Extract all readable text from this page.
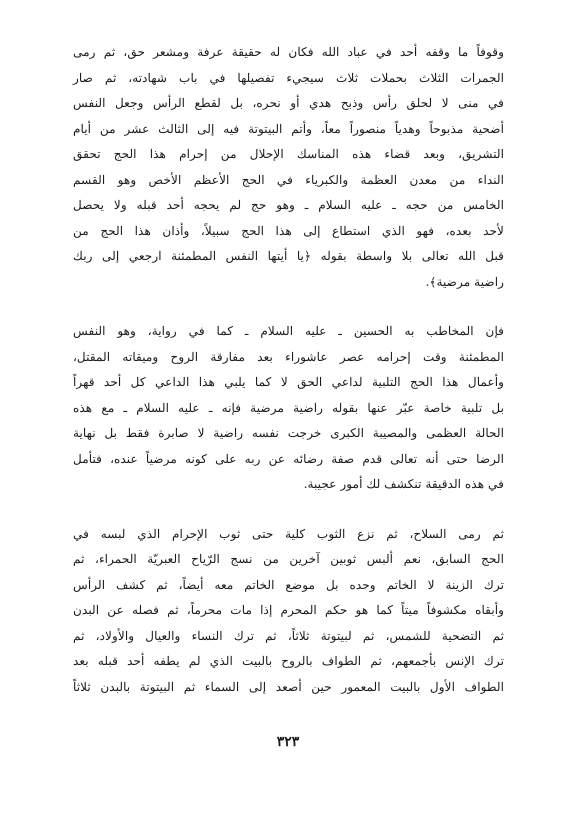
وقوفاً ما وقفه أحد في عباد الله فكان له حقيقة عرفة ومشعر حق، ثم رمى
الجمرات الثلاث بحملات ثلاث سيجيء تفصيلها في باب شهادته، ثم صار
في منى لا لحلق رأس وذبح هدي أو نحره، بل لقطع الرأس وجعل النفس
أضحية مذبوحاً وهدياً منصوراً معاً، وأتم البيتوتة فيه إلى الثالث عشر من أيام
التشريق، وبعد قضاء هذه المناسك الإحلال من إحرام هذا الحج تحقق
النداء من معدن العظمة والكبرياء في الحج الأعظم الأخص وهو القسم
الخامس من حجه ـ عليه السلام ـ وهو حج لم يحجه أحد قبله ولا يحصل
لأحد بعده، فهو الذي استطاع إلى هذا الحج سبيلاً، وأذان هذا الحج من
قبل الله تعالى بلا واسطة بقوله ﴿يا أيتها النفس المطمئنة ارجعي إلى ربك
راضية مرضية﴾.
فإن المخاطب به الحسين ـ عليه السلام ـ كما في رواية، وهو النفس
المطمئنة وقت إحرامه عصر عاشوراء بعد مفارقة الروح وميقاته المقتل،
وأعمال هذا الحج التلبية لداعي الحق لا كما يلبي هذا الداعي كل أحد قهراً
بل تلبية خاصة عبّر عنها بقوله راضية مرضية فإنه ـ عليه السلام ـ مع هذه
الحالة العظمى والمصيبة الكبرى خرجت نفسه راضية لا صابرة فقط بل نهاية
الرضا حتى أنه تعالى قدم صفة رضائه عن ربه على كونه مرضياً عنده، فتأمل
في هذه الدقيقة تنكشف لك أمور عجيبة.
ثم رمى السلاح، ثم نزع الثوب كلية حتى ثوب الإحرام الذي لبسه في
الحج السابق، نعم ألبس ثوبين آخرين من نسج الرّياح العبريّة الحمراء، ثم
ترك الزينة لا الخاتم وحده بل موضع الخاتم معه أيضاً، ثم كشف الرأس
وأبقاه مكشوفاً ميتاً كما هو حكم المحرم إذا مات محرماً، ثم فصله عن البدن
ثم التضحية للشمس، ثم لبيتوتة ثلاثاً، ثم ترك النساء والعيال والأولاد، ثم
ترك الإنس بأجمعهم، ثم الطواف بالروح بالبيت الذي لم يطفه أحد قبله بعد
الطواف الأول بالبيت المعمور حين أصعد إلى السماء ثم البيتوتة بالبدن ثلاثاً
٣٢٣
